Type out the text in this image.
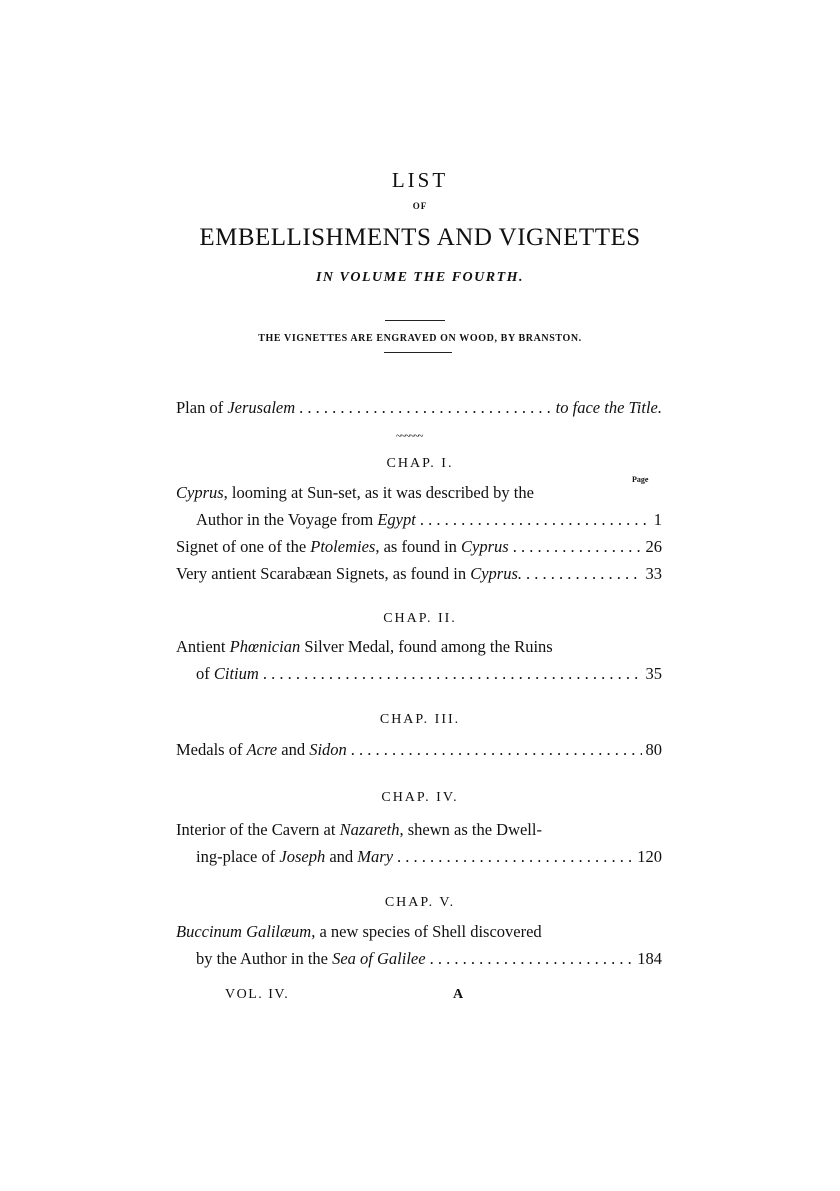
LIST
OF
EMBELLISHMENTS AND VIGNETTES
IN VOLUME THE FOURTH.
THE VIGNETTES ARE ENGRAVED ON WOOD, BY BRANSTON.
Plan of Jerusalem . . .	to face the Title.
~~~~~~
CHAP. I.
Page
Cyprus, looming at Sun-set, as it was described by the
Author in the Voyage from Egypt . . .	1
Signet of one of the Ptolemies, as found in Cyprus . . .	26
Very antient Scarabæan Signets, as found in Cyprus. . . .	33
CHAP. II.
Antient Phœnician Silver Medal, found among the Ruins
of Citium . . .	35
CHAP. III.
Medals of Acre and Sidon . . .	80
CHAP. IV.
Interior of the Cavern at Nazareth, shewn as the Dwell-
ing-place of Joseph and Mary . . .	120
CHAP. V.
Buccinum Galilæum, a new species of Shell discovered
by the Author in the Sea of Galilee . . .	184
VOL. IV.	A
